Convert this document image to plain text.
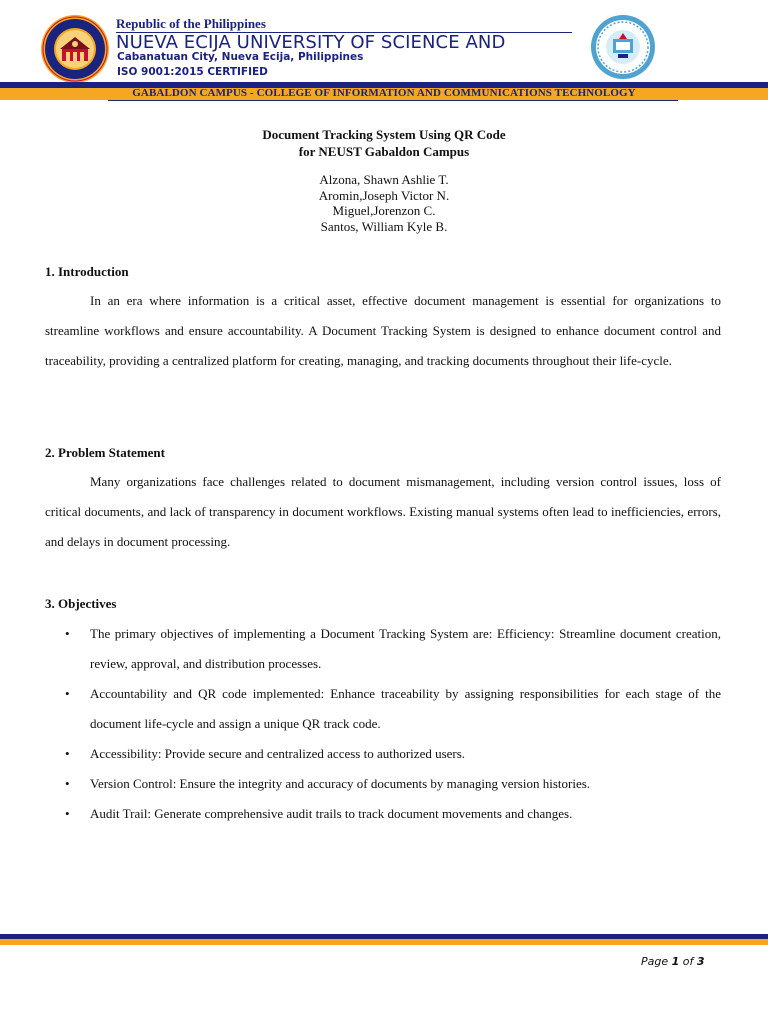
Republic of the Philippines
NUEVA ECIJA UNIVERSITY OF SCIENCE AND
Cabanatuan City, Nueva Ecija, Philippines
ISO 9001:2015 CERTIFIED
GABALDON CAMPUS - COLLEGE OF INFORMATION AND COMMUNICATIONS TECHNOLOGY
Document Tracking System Using QR Code
for NEUST Gabaldon Campus
Alzona, Shawn Ashlie T.
Aromin,Joseph Victor N.
Miguel,Jorenzon C.
Santos, William Kyle B.
1. Introduction
In an era where information is a critical asset, effective document management is essential for organizations to streamline workflows and ensure accountability. A Document Tracking System is designed to enhance document control and traceability, providing a centralized platform for creating, managing, and tracking documents throughout their life-cycle.
2. Problem Statement
Many organizations face challenges related to document mismanagement, including version control issues, loss of critical documents, and lack of transparency in document workflows. Existing manual systems often lead to inefficiencies, errors, and delays in document processing.
3. Objectives
• The primary objectives of implementing a Document Tracking System are: Efficiency: Streamline document creation, review, approval, and distribution processes.
• Accountability and QR code implemented: Enhance traceability by assigning responsibilities for each stage of the document life-cycle and assign a unique QR track code.
• Accessibility: Provide secure and centralized access to authorized users.
• Version Control: Ensure the integrity and accuracy of documents by managing version histories.
• Audit Trail: Generate comprehensive audit trails to track document movements and changes.
Page 1 of 3
